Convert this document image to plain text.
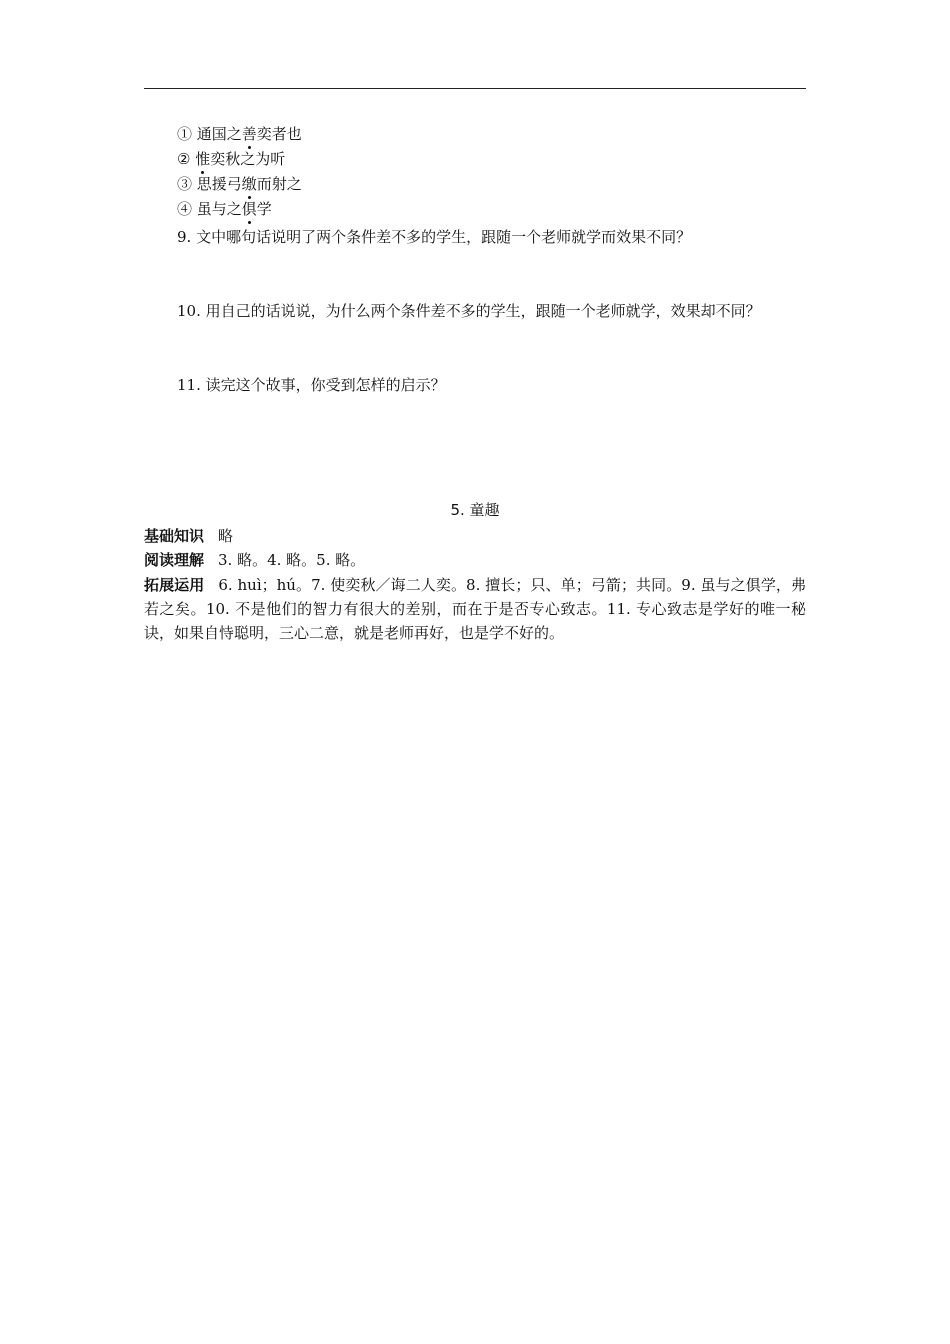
① 通国之善奕者也
② 惟奕秋之为听
③ 思援弓缴而射之
④ 虽与之俱学
9. 文中哪句话说明了两个条件差不多的学生，跟随一个老师就学而效果不同？
10. 用自己的话说说，为什么两个条件差不多的学生，跟随一个老师就学，效果却不同？
11. 读完这个故事，你受到怎样的启示？
5. 童趣
基础知识 略
阅读理解 3. 略。4. 略。5. 略。
拓展运用 6. huì；hú。7. 使奕秋／诲二人奕。8. 擅长；只、单；弓箭；共同。9. 虽与之俱学，弗若之矣。10. 不是他们的智力有很大的差别，而在于是否专心致志。11. 专心致志是学好的唯一秘诀，如果自恃聪明，三心二意，就是老师再好，也是学不好的。
